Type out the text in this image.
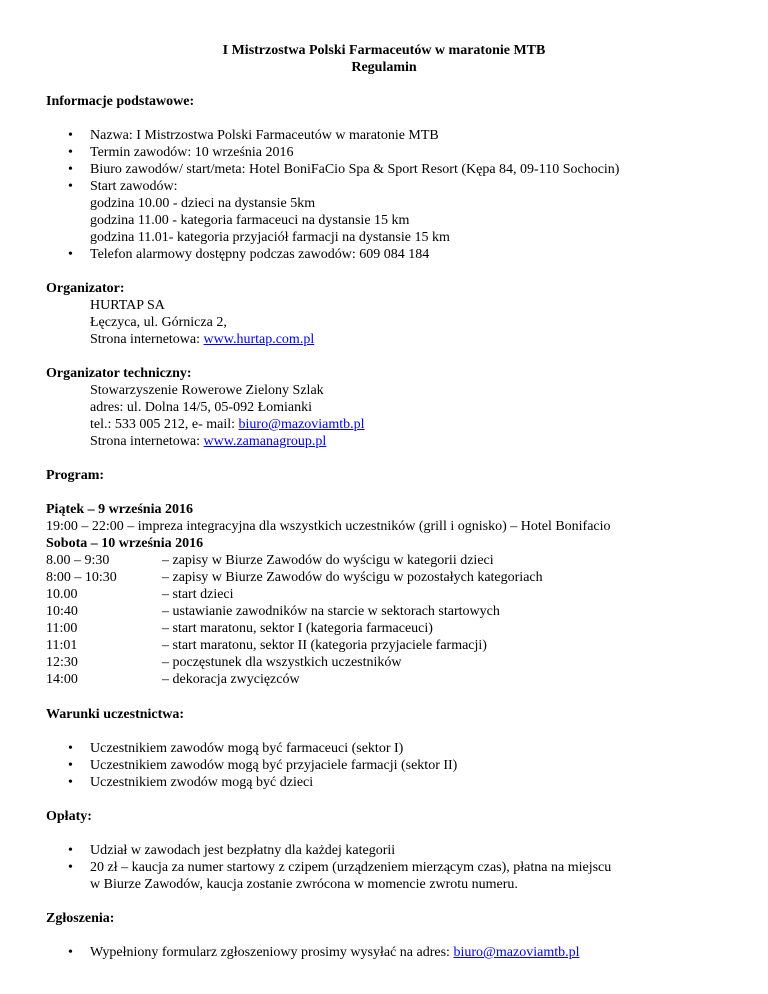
I Mistrzostwa Polski Farmaceutów w maratonie MTB
Regulamin
Informacje podstawowe:
• Nazwa: I Mistrzostwa Polski Farmaceutów w maratonie MTB
• Termin zawodów: 10 września 2016
• Biuro zawodów/ start/meta: Hotel BoniFaCio Spa & Sport Resort (Kępa 84, 09-110 Sochocin)
• Start zawodów:
godzina 10.00 - dzieci na dystansie 5km
godzina 11.00 - kategoria farmaceuci na dystansie 15 km
godzina 11.01- kategoria przyjaciół farmacji na dystansie 15 km
• Telefon alarmowy dostępny podczas zawodów: 609 084 184
Organizator:
HURTAP SA
Łęczyca, ul. Górnicza 2,
Strona internetowa: www.hurtap.com.pl
Organizator techniczny:
Stowarzyszenie Rowerowe Zielony Szlak
adres: ul. Dolna 14/5, 05-092 Łomianki
tel.: 533 005 212, e- mail: biuro@mazoviamtb.pl
Strona internetowa: www.zamanagroup.pl
Program:
Piątek – 9 września 2016
19:00 – 22:00 – impreza integracyjna dla wszystkich uczestników (grill i ognisko) – Hotel Bonifacio
Sobota – 10 września 2016
8.00 – 9:30	– zapisy w Biurze Zawodów do wyścigu w kategorii dzieci
8:00 – 10:30	– zapisy w Biurze Zawodów do wyścigu w pozostałych kategoriach
10.00	– start dzieci
10:40	– ustawianie zawodników na starcie w sektorach startowych
11:00	– start maratonu, sektor I (kategoria farmaceuci)
11:01	– start maratonu, sektor II (kategoria przyjaciele farmacji)
12:30	– poczęstunek dla wszystkich uczestników
14:00	– dekoracja zwycięzców
Warunki uczestnictwa:
• Uczestnikiem zawodów mogą być farmaceuci (sektor I)
• Uczestnikiem zawodów mogą być przyjaciele farmacji (sektor II)
• Uczestnikiem zwodów mogą być dzieci
Opłaty:
• Udział w zawodach jest bezpłatny dla każdej kategorii
• 20 zł – kaucja za numer startowy z czipem (urządzeniem mierzącym czas), płatna na miejscu
w Biurze Zawodów, kaucja zostanie zwrócona w momencie zwrotu numeru.
Zgłoszenia:
• Wypełniony formularz zgłoszeniowy prosimy wysyłać na adres: biuro@mazoviamtb.pl
